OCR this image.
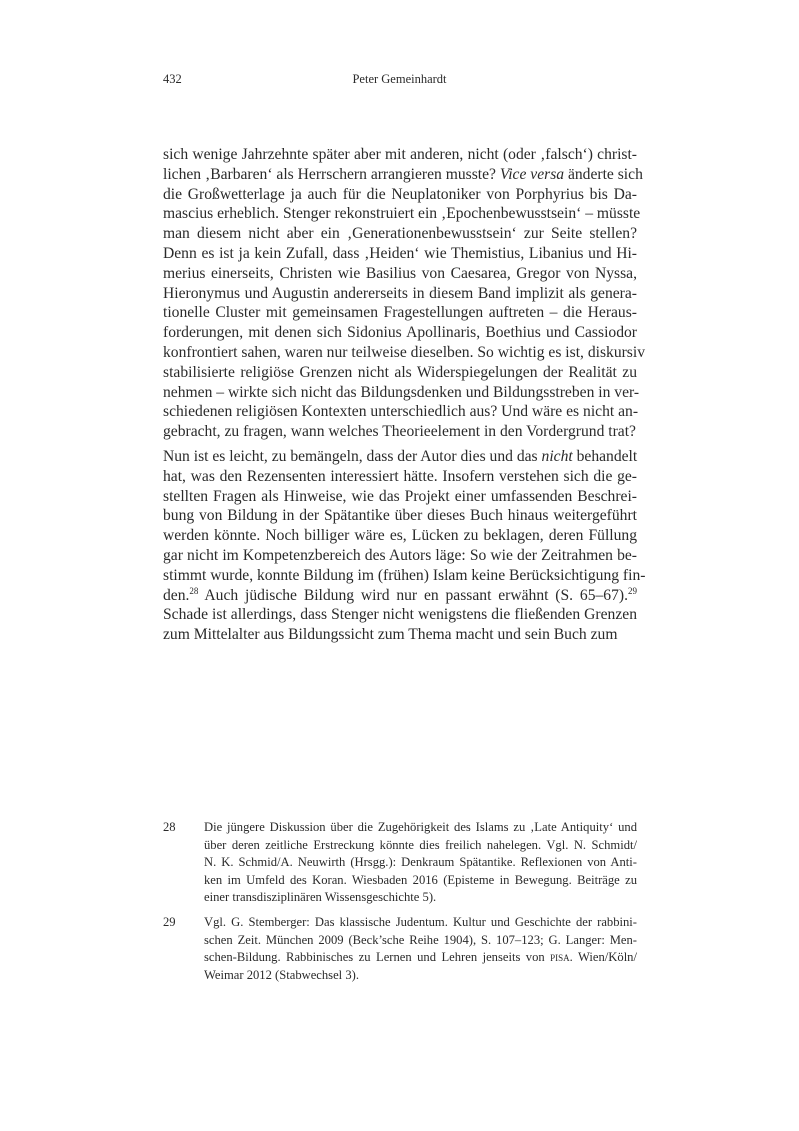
432	Peter Gemeinhardt
sich wenige Jahrzehnte später aber mit anderen, nicht (oder ‚falsch‘) christ-
lichen ‚Barbaren‘ als Herrschern arrangieren musste? Vice versa änderte sich
die Großwetterlage ja auch für die Neuplatoniker von Porphyrius bis Da-
mascius erheblich. Stenger rekonstruiert ein ‚Epochenbewusstsein‘ – müsste
man diesem nicht aber ein ‚Generationenbewusstsein‘ zur Seite stellen?
Denn es ist ja kein Zufall, dass ‚Heiden‘ wie Themistius, Libanius und Hi-
merius einerseits, Christen wie Basilius von Caesarea, Gregor von Nyssa,
Hieronymus und Augustin andererseits in diesem Band implizit als genera-
tionelle Cluster mit gemeinsamen Fragestellungen auftreten – die Heraus-
forderungen, mit denen sich Sidonius Apollinaris, Boethius und Cassiodor
konfrontiert sahen, waren nur teilweise dieselben. So wichtig es ist, diskursiv
stabilisierte religiöse Grenzen nicht als Widerspiegelungen der Realität zu
nehmen – wirkte sich nicht das Bildungsdenken und Bildungsstreben in ver-
schiedenen religiösen Kontexten unterschiedlich aus? Und wäre es nicht an-
gebracht, zu fragen, wann welches Theorieelement in den Vordergrund trat?
Nun ist es leicht, zu bemängeln, dass der Autor dies und das nicht behandelt
hat, was den Rezensenten interessiert hätte. Insofern verstehen sich die ge-
stellten Fragen als Hinweise, wie das Projekt einer umfassenden Beschrei-
bung von Bildung in der Spätantike über dieses Buch hinaus weitergeführt
werden könnte. Noch billiger wäre es, Lücken zu beklagen, deren Füllung
gar nicht im Kompetenzbereich des Autors läge: So wie der Zeitrahmen be-
stimmt wurde, konnte Bildung im (frühen) Islam keine Berücksichtigung fin-
den.$^{28}$ Auch jüdische Bildung wird nur en passant erwähnt (S. 65–67).$^{29}$
Schade ist allerdings, dass Stenger nicht wenigstens die fließenden Grenzen
zum Mittelalter aus Bildungssicht zum Thema macht und sein Buch zum
28 Die jüngere Diskussion über die Zugehörigkeit des Islams zu ‚Late Antiquity‘ und
über deren zeitliche Erstreckung könnte dies freilich nahelegen. Vgl. N. Schmidt/
N. K. Schmid/A. Neuwirth (Hrsgg.): Denkraum Spätantike. Reflexionen von Anti-
ken im Umfeld des Koran. Wiesbaden 2016 (Episteme in Bewegung. Beiträge zu
einer transdisziplinären Wissensgeschichte 5).
29 Vgl. G. Stemberger: Das klassische Judentum. Kultur und Geschichte der rabbini-
schen Zeit. München 2009 (Beck’sche Reihe 1904), S. 107–123; G. Langer: Men-
schen-Bildung. Rabbinisches zu Lernen und Lehren jenseits von pisa. Wien/Köln/
Weimar 2012 (Stabwechsel 3).
